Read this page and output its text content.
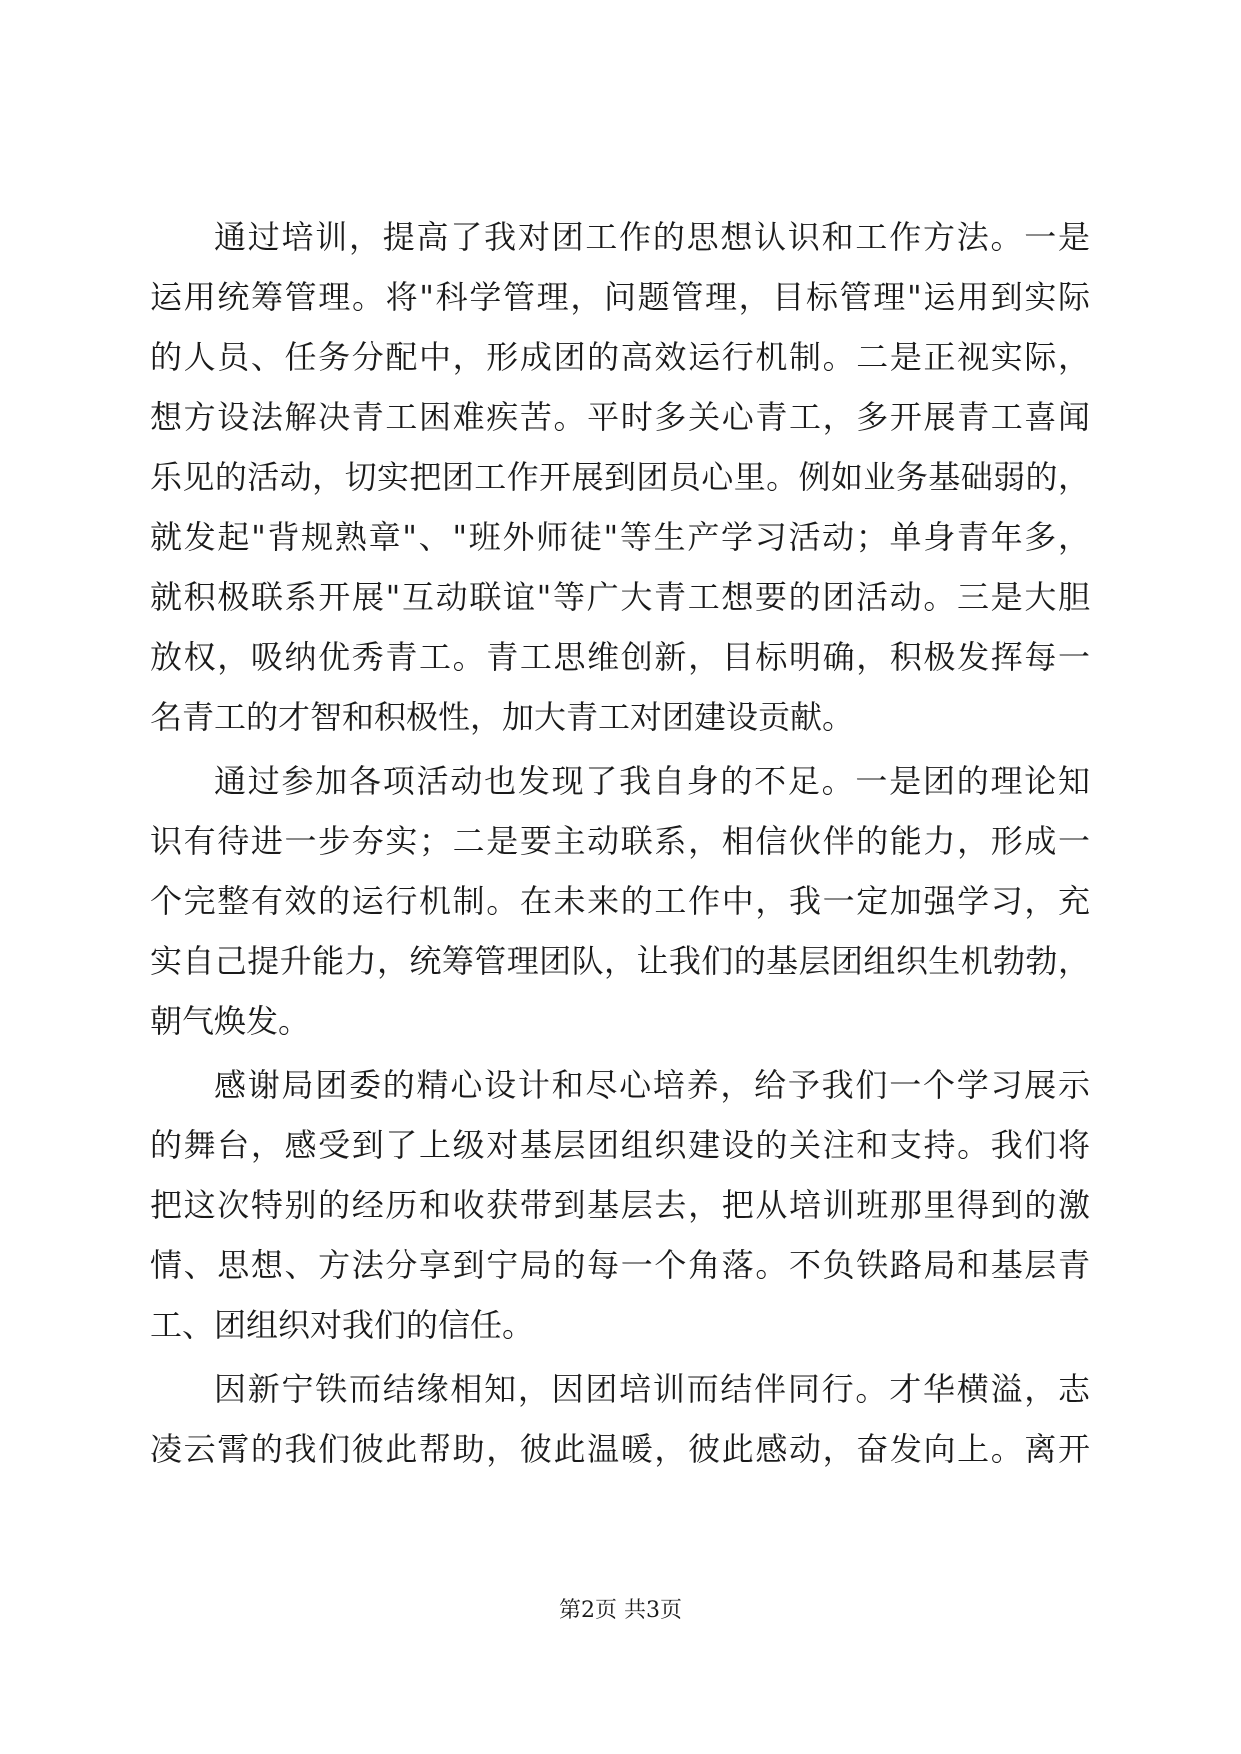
通过培训，提高了我对团工作的思想认识和工作方法。一是
运用统筹管理。将"科学管理，问题管理，目标管理"运用到实际
的人员、任务分配中，形成团的高效运行机制。二是正视实际，
想方设法解决青工困难疾苦。平时多关心青工，多开展青工喜闻
乐见的活动，切实把团工作开展到团员心里。例如业务基础弱的，
就发起"背规熟章"、"班外师徒"等生产学习活动；单身青年多，
就积极联系开展"互动联谊"等广大青工想要的团活动。三是大胆
放权，吸纳优秀青工。青工思维创新，目标明确，积极发挥每一
名青工的才智和积极性，加大青工对团建设贡献。
通过参加各项活动也发现了我自身的不足。一是团的理论知
识有待进一步夯实；二是要主动联系，相信伙伴的能力，形成一
个完整有效的运行机制。在未来的工作中，我一定加强学习，充
实自己提升能力，统筹管理团队，让我们的基层团组织生机勃勃，
朝气焕发。
感谢局团委的精心设计和尽心培养，给予我们一个学习展示
的舞台，感受到了上级对基层团组织建设的关注和支持。我们将
把这次特别的经历和收获带到基层去，把从培训班那里得到的激
情、思想、方法分享到宁局的每一个角落。不负铁路局和基层青
工、团组织对我们的信任。
因新宁铁而结缘相知，因团培训而结伴同行。才华横溢，志
凌云霄的我们彼此帮助，彼此温暖，彼此感动，奋发向上。离开
第2页 共3页
